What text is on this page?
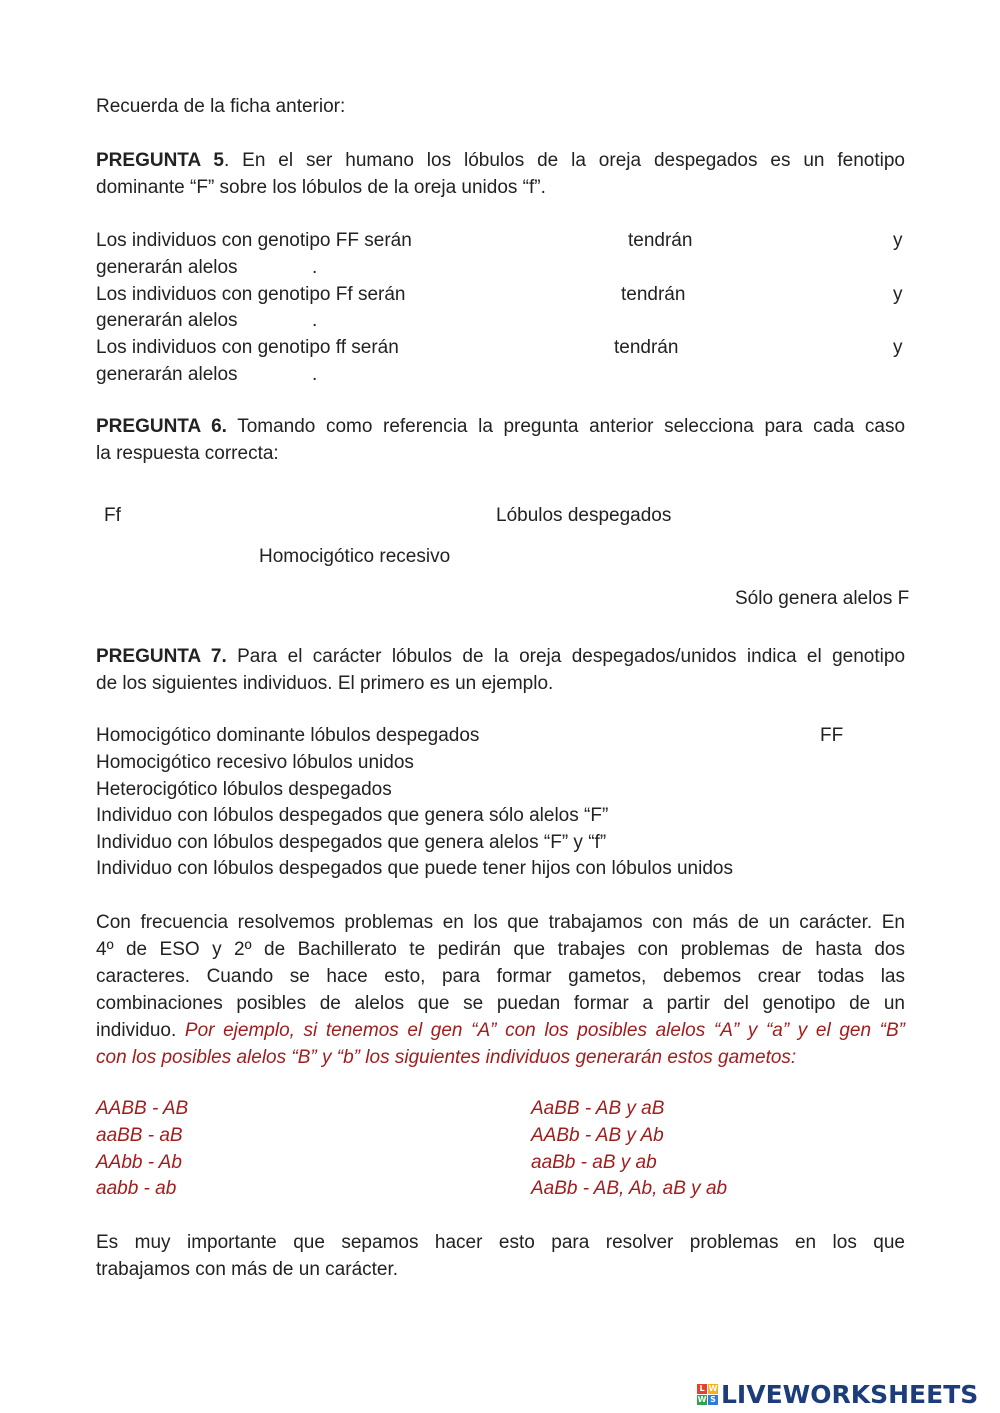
Recuerda de la ficha anterior:
PREGUNTA 5. En el ser humano los lóbulos de la oreja despegados es un fenotipo
dominante “F” sobre los lóbulos de la oreja unidos “f”.
Los individuos con genotipo FF serán	tendrán	y
generarán alelos	.
Los individuos con genotipo Ff serán	tendrán	y
generarán alelos	.
Los individuos con genotipo ff serán	tendrán	y
generarán alelos	.
PREGUNTA 6. Tomando como referencia la pregunta anterior selecciona para cada caso
la respuesta correcta:
Ff	Lóbulos despegados
Homocigótico recesivo
Sólo genera alelos F
PREGUNTA 7. Para el carácter lóbulos de la oreja despegados/unidos indica el genotipo
de los siguientes individuos. El primero es un ejemplo.
Homocigótico dominante lóbulos despegados	FF
Homocigótico recesivo lóbulos unidos
Heterocigótico lóbulos despegados
Individuo con lóbulos despegados que genera sólo alelos “F”
Individuo con lóbulos despegados que genera alelos “F” y “f”
Individuo con lóbulos despegados que puede tener hijos con lóbulos unidos
Con frecuencia resolvemos problemas en los que trabajamos con más de un carácter. En
4º de ESO y 2º de Bachillerato te pedirán que trabajes con problemas de hasta dos
caracteres. Cuando se hace esto, para formar gametos, debemos crear todas las
combinaciones posibles de alelos que se puedan formar a partir del genotipo de un
individuo. Por ejemplo, si tenemos el gen “A” con los posibles alelos “A” y “a” y el gen “B”
con los posibles alelos “B” y “b” los siguientes individuos generarán estos gametos:
AABB - AB
aaBB - aB
AAbb - Ab
aabb - ab
AaBB - AB y aB
AABb - AB y Ab
aaBb - aB y ab
AaBb - AB, Ab, aB y ab
Es muy importante que sepamos hacer esto para resolver problemas en los que
trabajamos con más de un carácter.
L W
W S LIVEWORKSHEETS
